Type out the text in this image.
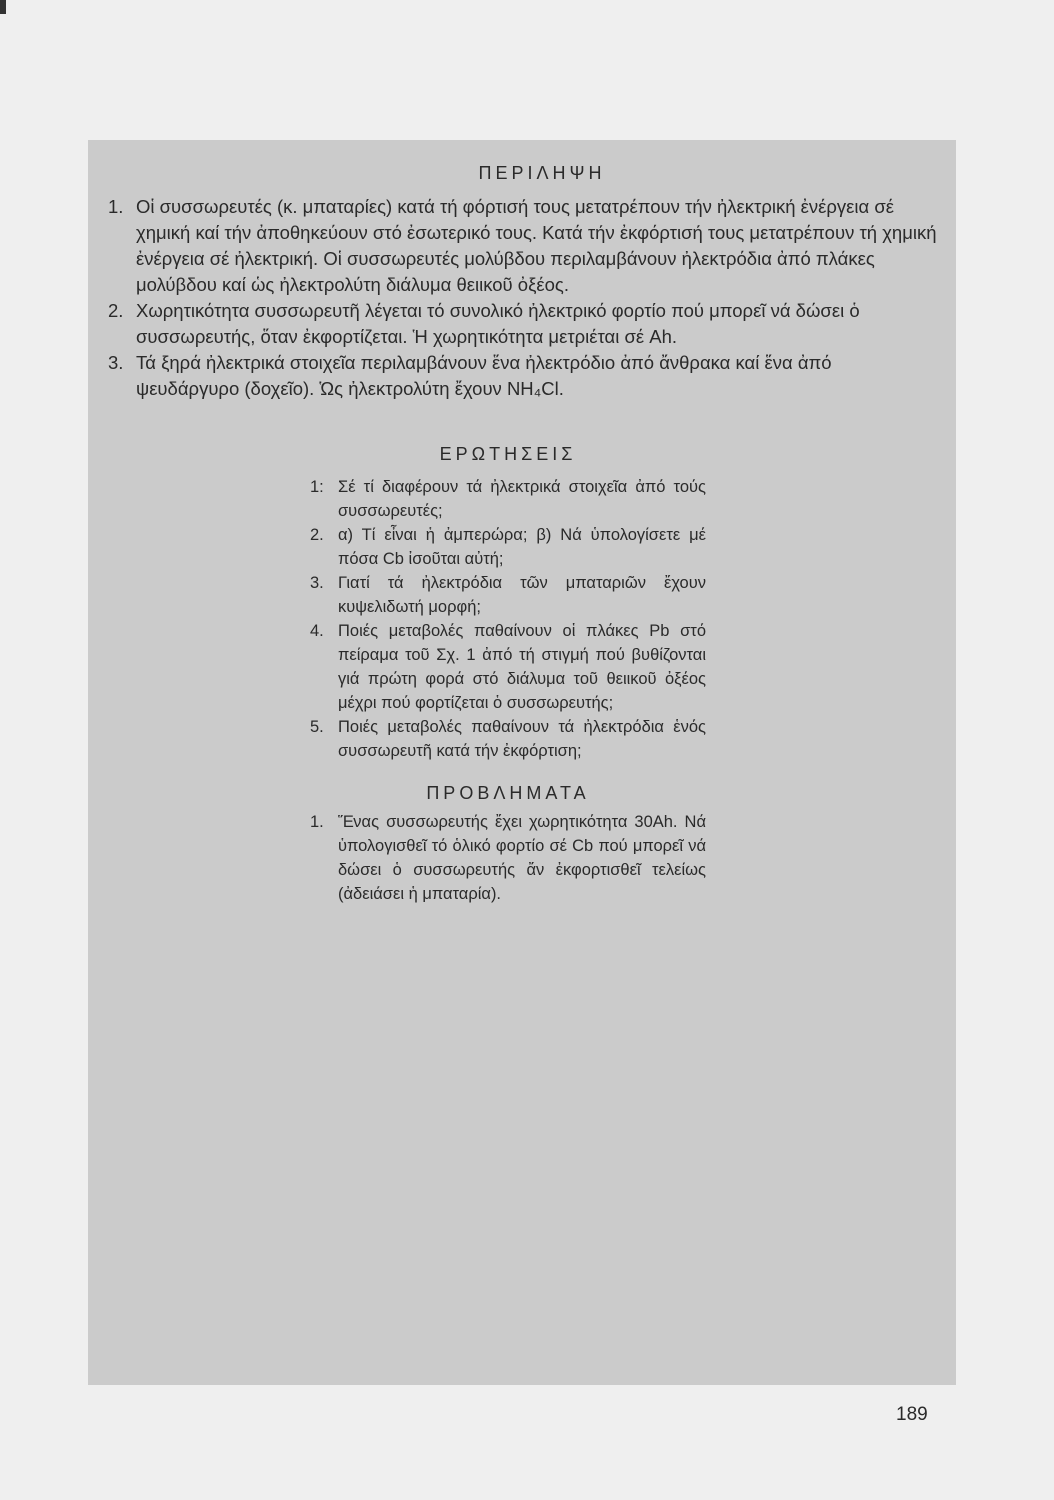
ΠΕΡΙΛΗΨΗ
1. Οἱ συσσωρευτές (κ. μπαταρίες) κατά τή φόρτισή τους μετατρέπουν τήν ἠλεκτρική ἐνέργεια σέ χημική καί τήν ἀποθηκεύουν στό ἐσωτερικό τους. Κατά τήν ἐκφόρτισή τους μετατρέπουν τή χημική ἐνέργεια σέ ἠλεκτρική. Οἱ συσσωρευτές μολύβδου περιλαμβάνουν ἠλεκτρόδια ἀπό πλάκες μολύβδου καί ὡς ἠλεκτρολύτη διάλυμα θειικοῦ ὀξέος.
2. Χωρητικότητα συσσωρευτῆ λέγεται τό συνολικό ἠλεκτρικό φορτίο πού μπορεῖ νά δώσει ὁ συσσωρευτής, ὅταν ἐκφορτίζεται. Ἡ χωρητικότητα μετριέται σέ Ah.
3. Τά ξηρά ἠλεκτρικά στοιχεῖα περιλαμβάνουν ἕνα ἠλεκτρόδιο ἀπό ἄνθρακα καί ἕνα ἀπό ψευδάργυρο (δοχεῖο). Ὡς ἠλεκτρολύτη ἔχουν NH₄Cl.
ΕΡΩΤΗΣΕΙΣ
1: Σέ τί διαφέρουν τά ἠλεκτρικά στοιχεῖα ἀπό τούς συσσωρευτές;
2. α) Τί εἶναι ἡ ἀμπερώρα; β) Νά ὑπολογίσετε μέ πόσα Cb ἰσοῦται αὐτή;
3. Γιατί τά ἠλεκτρόδια τῶν μπαταριῶν ἔχουν κυψελιδωτή μορφή;
4. Ποιές μεταβολές παθαίνουν οἱ πλάκες Pb στό πείραμα τοῦ Σχ. 1 ἀπό τή στιγμή πού βυθίζονται γιά πρώτη φορά στό διάλυμα τοῦ θειικοῦ ὀξέος μέχρι πού φορτίζεται ὁ συσσωρευτής;
5. Ποιές μεταβολές παθαίνουν τά ἠλεκτρόδια ἑνός συσσωρευτῆ κατά τήν ἐκφόρτιση;
ΠΡΟΒΛΗΜΑΤΑ
1. Ἕνας συσσωρευτής ἔχει χωρητικότητα 30Ah. Νά ὑπολογισθεῖ τό ὁλικό φορτίο σέ Cb πού μπορεῖ νά δώσει ὁ συσσωρευτής ἄν ἐκφορτισθεῖ τελείως (ἀδειάσει ἡ μπαταρία).
189
